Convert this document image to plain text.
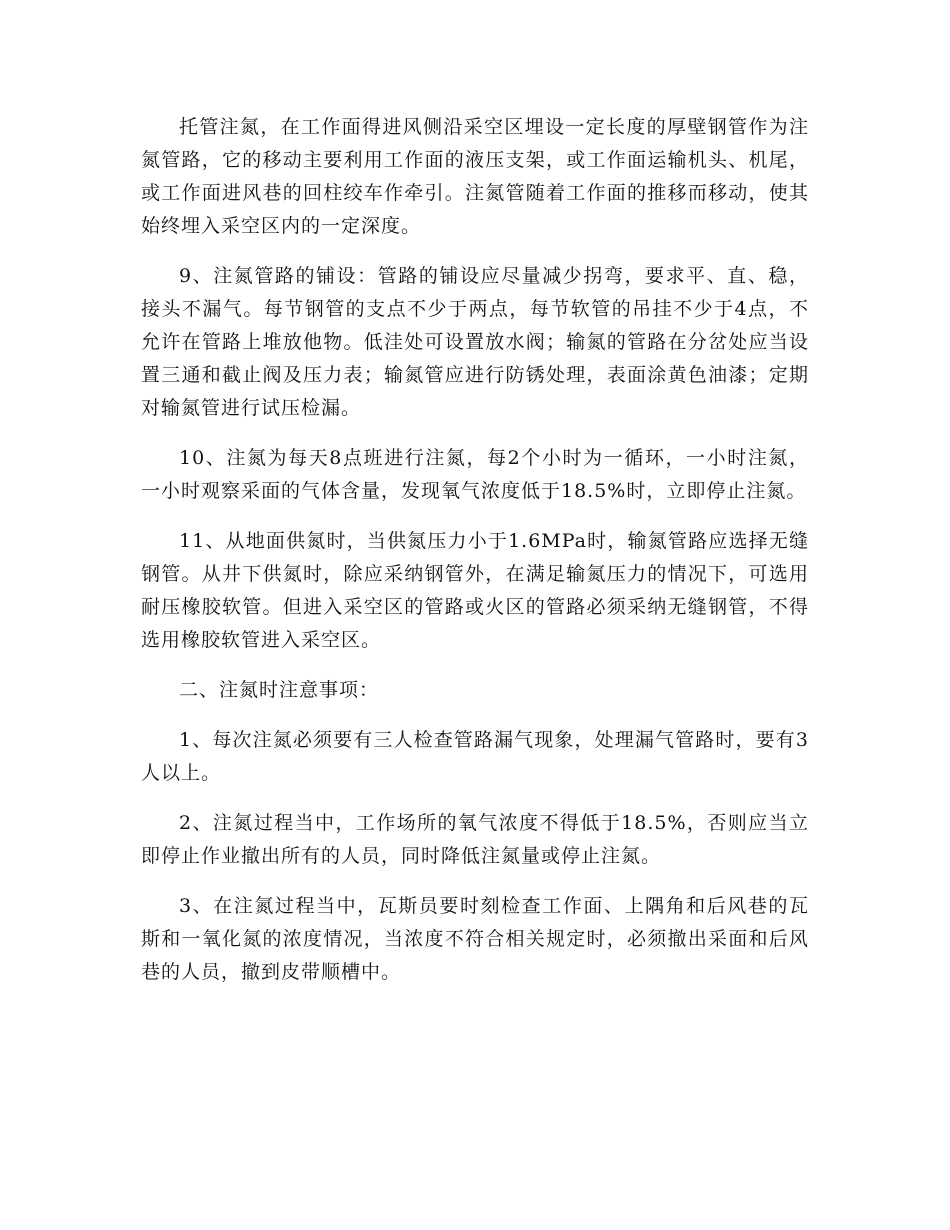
托管注氮，在工作面得进风侧沿采空区埋设一定长度的厚壁钢管作为注氮管路，它的移动主要利用工作面的液压支架，或工作面运输机头、机尾，或工作面进风巷的回柱绞车作牵引。注氮管随着工作面的推移而移动，使其始终埋入采空区内的一定深度。

9、注氮管路的铺设：管路的铺设应尽量减少拐弯，要求平、直、稳，接头不漏气。每节钢管的支点不少于两点，每节软管的吊挂不少于4点，不允许在管路上堆放他物。低洼处可设置放水阀；输氮的管路在分岔处应当设置三通和截止阀及压力表；输氮管应进行防锈处理，表面涂黄色油漆；定期对输氮管进行试压检漏。

10、注氮为每天8点班进行注氮，每2个小时为一循环，一小时注氮，一小时观察采面的气体含量，发现氧气浓度低于18.5%时，立即停止注氮。

11、从地面供氮时，当供氮压力小于1.6MPa时，输氮管路应选择无缝钢管。从井下供氮时，除应采纳钢管外，在满足输氮压力的情况下，可选用耐压橡胶软管。但进入采空区的管路或火区的管路必须采纳无缝钢管，不得选用橡胶软管进入采空区。

二、注氮时注意事项：

1、每次注氮必须要有三人检查管路漏气现象，处理漏气管路时，要有3人以上。

2、注氮过程当中，工作场所的氧气浓度不得低于18.5%，否则应当立即停止作业撤出所有的人员，同时降低注氮量或停止注氮。

3、在注氮过程当中，瓦斯员要时刻检查工作面、上隅角和后风巷的瓦斯和一氧化氮的浓度情况，当浓度不符合相关规定时，必须撤出采面和后风巷的人员，撤到皮带顺槽中。
